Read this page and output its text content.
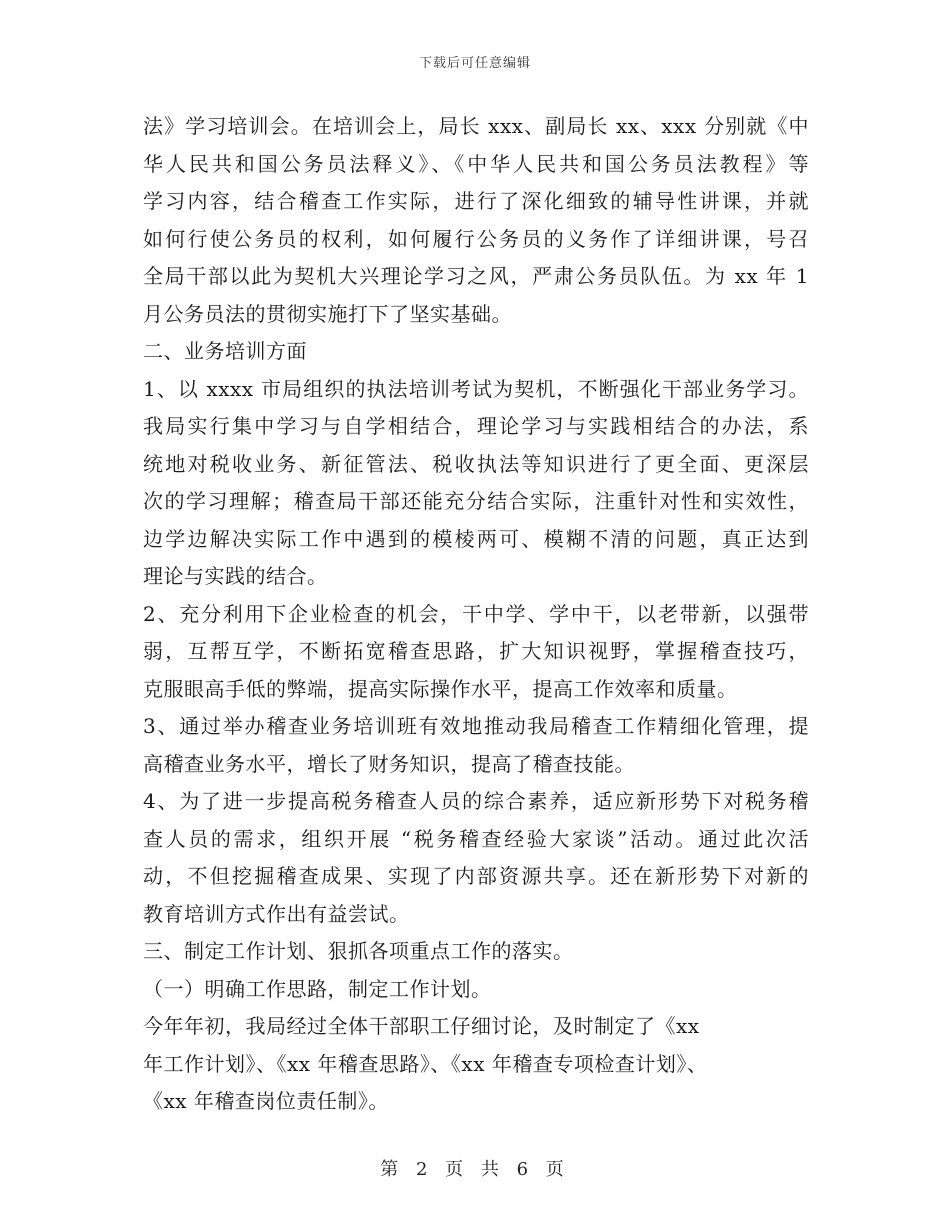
下载后可任意编辑
法》学习培训会。在培训会上，局长 xxx、副局长 xx、xxx 分别就《中
华人民共和国公务员法释义》、《中华人民共和国公务员法教程》等
学习内容，结合稽查工作实际，进行了深化细致的辅导性讲课，并就
如何行使公务员的权利，如何履行公务员的义务作了详细讲课，号召
全局干部以此为契机大兴理论学习之风，严肃公务员队伍。为 xx 年 1
月公务员法的贯彻实施打下了坚实基础。
二、业务培训方面
1、以 xxxx 市局组织的执法培训考试为契机，不断强化干部业务学习。
我局实行集中学习与自学相结合，理论学习与实践相结合的办法，系
统地对税收业务、新征管法、税收执法等知识进行了更全面、更深层
次的学习理解；稽查局干部还能充分结合实际，注重针对性和实效性，
边学边解决实际工作中遇到的模棱两可、模糊不清的问题，真正达到
理论与实践的结合。
2、充分利用下企业检查的机会，干中学、学中干，以老带新，以强带
弱，互帮互学，不断拓宽稽查思路，扩大知识视野，掌握稽查技巧，
克服眼高手低的弊端，提高实际操作水平，提高工作效率和质量。
3、通过举办稽查业务培训班有效地推动我局稽查工作精细化管理，提
高稽查业务水平，增长了财务知识，提高了稽查技能。
4、为了进一步提高税务稽查人员的综合素养，适应新形势下对税务稽
查人员的需求，组织开展 “税务稽查经验大家谈”活动。通过此次活
动，不但挖掘稽查成果、实现了内部资源共享。还在新形势下对新的
教育培训方式作出有益尝试。
三、制定工作计划、狠抓各项重点工作的落实。
（一）明确工作思路，制定工作计划。
今年年初，我局经过全体干部职工仔细讨论，及时制定了《xx
年工作计划》、《xx 年稽查思路》、《xx 年稽查专项检查计划》、
《xx 年稽查岗位责任制》。
第 2 页 共 6 页
